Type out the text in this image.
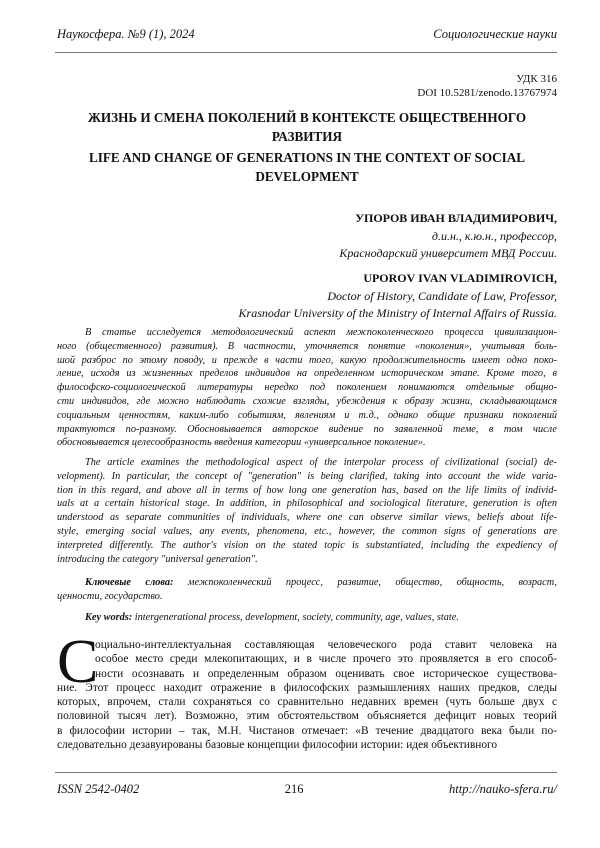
Наукосфера. №9 (1), 2024	Социологические науки
УДК 316
DOI 10.5281/zenodo.13767974
ЖИЗНЬ И СМЕНА ПОКОЛЕНИЙ В КОНТЕКСТЕ ОБЩЕСТВЕННОГО
РАЗВИТИЯ
LIFE AND CHANGE OF GENERATIONS IN THE CONTEXT OF SOCIAL
DEVELOPMENT
УПОРОВ ИВАН ВЛАДИМИРОВИЧ,
д.и.н., к.ю.н., профессор,
Краснодарский университет МВД России.
UPOROV IVAN VLADIMIROVICH,
Doctor of History, Candidate of Law, Professor,
Krasnodar University of the Ministry of Internal Affairs of Russia.
В статье исследуется методологический аспект межпоколенческого процесса цивилизацион-
ного (общественного) развития). В частности, уточняется понятие «поколения», учитывая боль-
шой разброс по этому поводу, и прежде в части того, какую продолжительность имеет одно поко-
ление, исходя из жизненных пределов индивидов на определенном историческом этапе. Кроме того, в
философско-социологической литературы нередко под поколением понимаются отдельные общно-
сти индивидов, где можно наблюдать схожие взгляды, убеждения к образу жизни, складывающимся
социальным ценностям, каким-либо событиям, явлениям и т.д., однако общие признаки поколений
трактуются по-разному. Обосновывается авторское видение по заявленной теме, в том числе
обосновывается целесообразность введения категории «универсальное поколение».
The article examines the methodological aspect of the interpolar process of civilizational (social) de-
velopment). In particular, the concept of "generation" is being clarified, taking into account the wide varia-
tion in this regard, and above all in terms of how long one generation has, based on the life limits of individ-
uals at a certain historical stage. In addition, in philosophical and sociological literature, generation is often
understood as separate communities of individuals, where one can observe similar views, beliefs about life-
style, emerging social values, any events, phenomena, etc., however, the common signs of generations are
interpreted differently. The author's vision on the stated topic is substantiated, including the expediency of
introducing the category "universal generation".
Ключевые слова: межпоколенческий процесс, развитие, общество, общность, возраст,
ценности, государство.
Key words: intergenerational process, development, society, community, age, values, state.
С
оциально-интеллектуальная составляющая человеческого рода ставит человека на
особое место среди млекопитающих, и в числе прочего это проявляется в его способ-
ности осознавать и определенным образом оценивать свое историческое существова-
ние. Этот процесс находит отражение в философских размышлениях наших предков, следы
которых, впрочем, стали сохраняться со сравнительно недавних времен (чуть больше двух с
половиной тысяч лет). Возможно, этим обстоятельством объясняется дефицит новых теорий
в философии истории – так, М.Н. Чистанов отмечает: «В течение двадцатого века были по-
следовательно дезавуированы базовые концепции философии истории: идея объективного
ISSN 2542-0402	216	http://nauko-sfera.ru/
